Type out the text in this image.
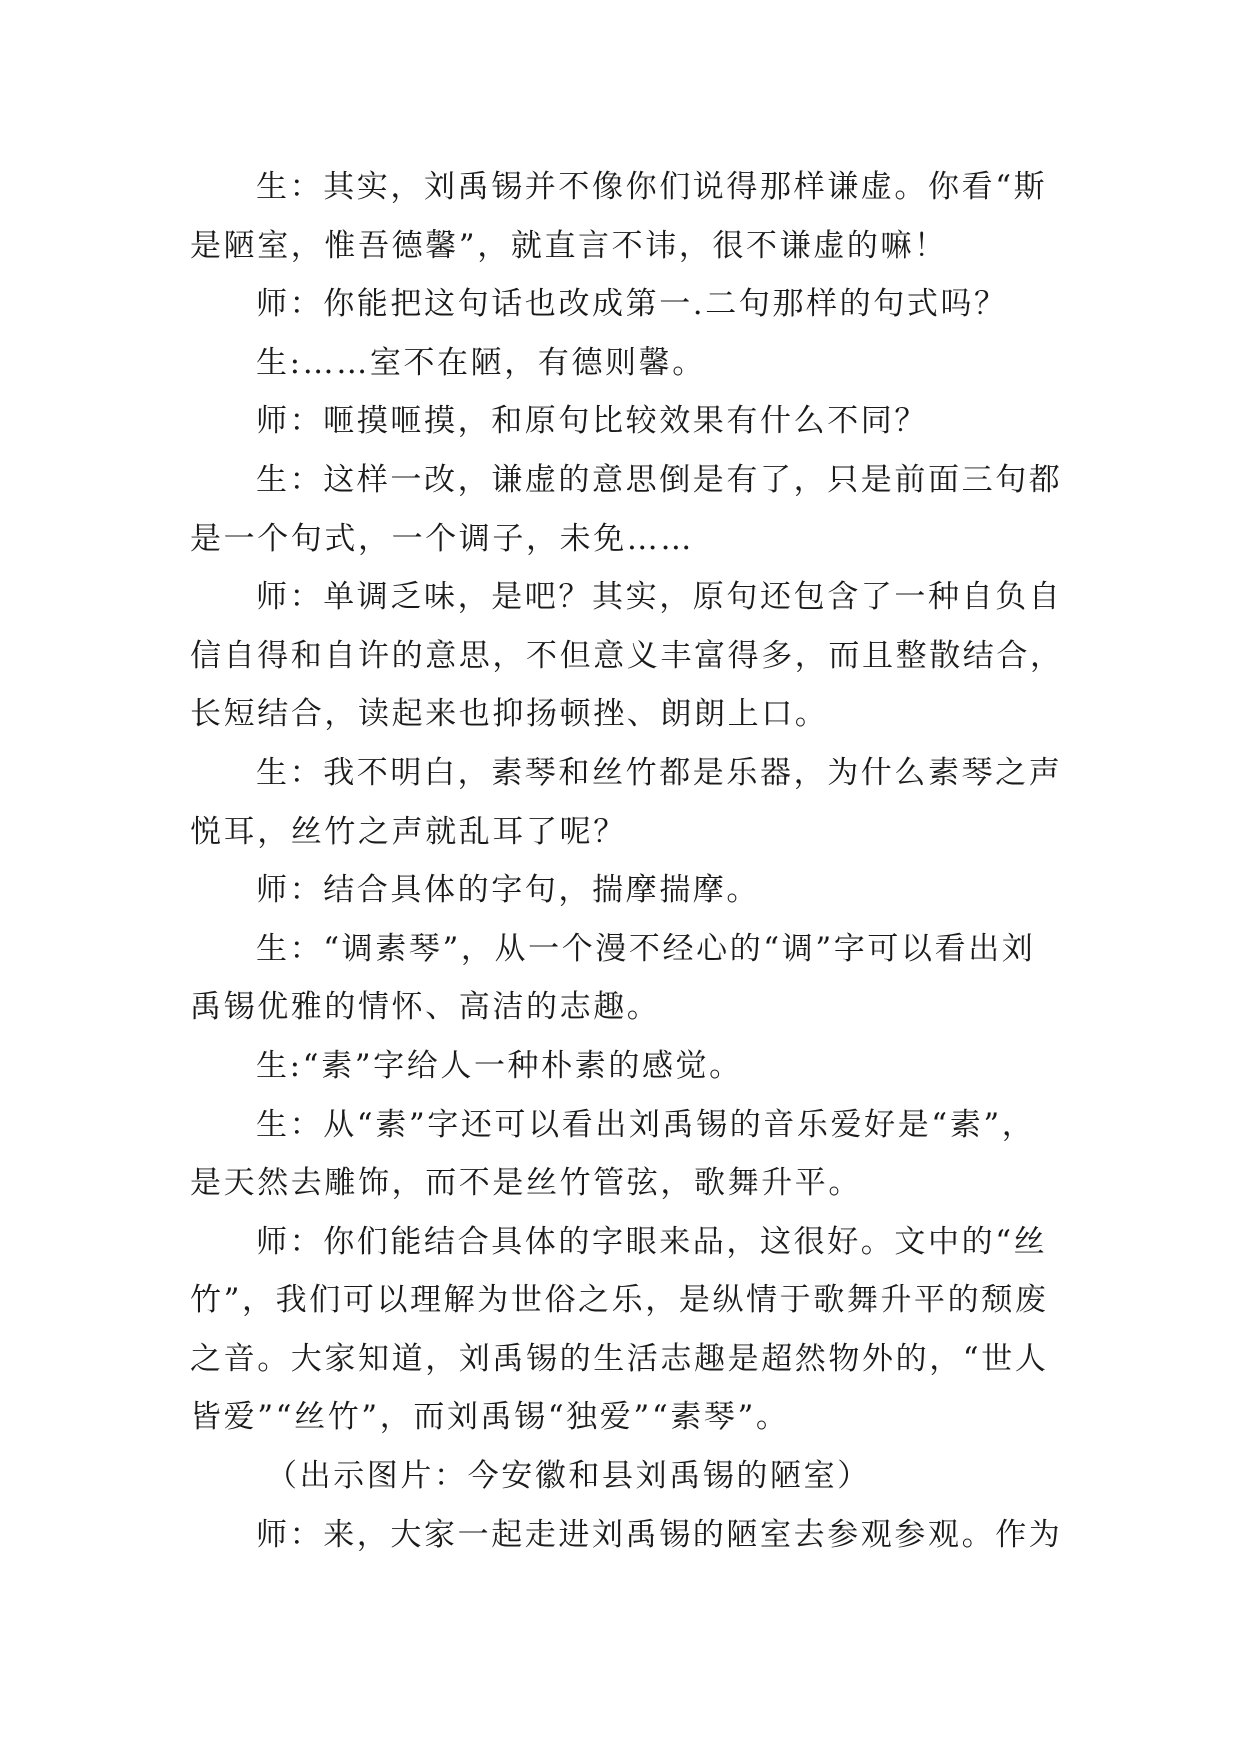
生：其实，刘禹锡并不像你们说得那样谦虚。你看“斯
是陋室，惟吾德馨”，就直言不讳，很不谦虚的嘛！
师：你能把这句话也改成第一.二句那样的句式吗？
生:……室不在陋，有德则馨。
师：咂摸咂摸，和原句比较效果有什么不同？
生：这样一改，谦虚的意思倒是有了，只是前面三句都
是一个句式，一个调子，未免……
师：单调乏味，是吧？其实，原句还包含了一种自负自
信自得和自许的意思，不但意义丰富得多，而且整散结合，
长短结合，读起来也抑扬顿挫、朗朗上口。
生：我不明白，素琴和丝竹都是乐器，为什么素琴之声
悦耳，丝竹之声就乱耳了呢？
师：结合具体的字句，揣摩揣摩。
生：“调素琴”，从一个漫不经心的“调”字可以看出刘
禹锡优雅的情怀、高洁的志趣。
生:“素”字给人一种朴素的感觉。
生：从“素”字还可以看出刘禹锡的音乐爱好是“素”，
是天然去雕饰，而不是丝竹管弦，歌舞升平。
师：你们能结合具体的字眼来品，这很好。文中的“丝
竹”，我们可以理解为世俗之乐，是纵情于歌舞升平的颓废
之音。大家知道，刘禹锡的生活志趣是超然物外的，“世人
皆爱”“丝竹”，而刘禹锡“独爱”“素琴”。
（出示图片：今安徽和县刘禹锡的陋室）
师：来，大家一起走进刘禹锡的陋室去参观参观。作为
